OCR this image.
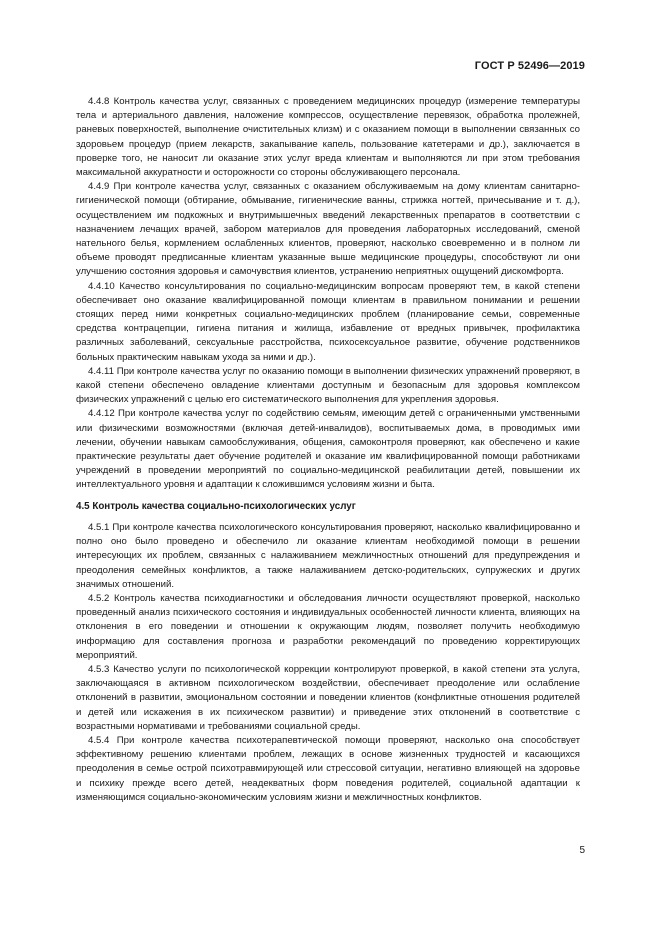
ГОСТ Р 52496—2019

4.4.8 Контроль качества услуг, связанных с проведением медицинских процедур (измерение температуры тела и артериального давления, наложение компрессов, осуществление перевязок, обработка пролежней, раневых поверхностей, выполнение очистительных клизм) и с оказанием помощи в выполнении связанных со здоровьем процедур (прием лекарств, закапывание капель, пользование катетерами и др.), заключается в проверке того, не наносит ли оказание этих услуг вреда клиентам и выполняются ли при этом требования максимальной аккуратности и осторожности со стороны обслуживающего персонала.

4.4.9 При контроле качества услуг, связанных с оказанием обслуживаемым на дому клиентам санитарно-гигиенической помощи (обтирание, обмывание, гигиенические ванны, стрижка ногтей, причесывание и т. д.), осуществлением им подкожных и внутримышечных введений лекарственных препаратов в соответствии с назначением лечащих врачей, забором материалов для проведения лабораторных исследований, сменой нательного белья, кормлением ослабленных клиентов, проверяют, насколько своевременно и в полном ли объеме проводят предписанные клиентам указанные выше медицинские процедуры, способствуют ли они улучшению состояния здоровья и самочувствия клиентов, устранению неприятных ощущений дискомфорта.

4.4.10 Качество консультирования по социально-медицинским вопросам проверяют тем, в какой степени обеспечивает оно оказание квалифицированной помощи клиентам в правильном понимании и решении стоящих перед ними конкретных социально-медицинских проблем (планирование семьи, современные средства контрацепции, гигиена питания и жилища, избавление от вредных привычек, профилактика различных заболеваний, сексуальные расстройства, психосексуальное развитие, обучение родственников больных практическим навыкам ухода за ними и др.).

4.4.11 При контроле качества услуг по оказанию помощи в выполнении физических упражнений проверяют, в какой степени обеспечено овладение клиентами доступным и безопасным для здоровья комплексом физических упражнений с целью его систематического выполнения для укрепления здоровья.

4.4.12 При контроле качества услуг по содействию семьям, имеющим детей с ограниченными умственными или физическими возможностями (включая детей-инвалидов), воспитываемых дома, в проводимых ими лечении, обучении навыкам самообслуживания, общения, самоконтроля проверяют, как обеспечено и какие практические результаты дает обучение родителей и оказание им квалифицированной помощи работниками учреждений в проведении мероприятий по социально-медицинской реабилитации детей, повышении их интеллектуального уровня и адаптации к сложившимся условиям жизни и быта.

4.5 Контроль качества социально-психологических услуг

4.5.1 При контроле качества психологического консультирования проверяют, насколько квалифицированно и полно оно было проведено и обеспечило ли оказание клиентам необходимой помощи в решении интересующих их проблем, связанных с налаживанием межличностных отношений для предупреждения и преодоления семейных конфликтов, а также налаживанием детско-родительских, супружеских и других значимых отношений.

4.5.2 Контроль качества психодиагностики и обследования личности осуществляют проверкой, насколько проведенный анализ психического состояния и индивидуальных особенностей личности клиента, влияющих на отклонения в его поведении и отношении к окружающим людям, позволяет получить необходимую информацию для составления прогноза и разработки рекомендаций по проведению корректирующих мероприятий.

4.5.3 Качество услуги по психологической коррекции контролируют проверкой, в какой степени эта услуга, заключающаяся в активном психологическом воздействии, обеспечивает преодоление или ослабление отклонений в развитии, эмоциональном состоянии и поведении клиентов (конфликтные отношения родителей и детей или искажения в их психическом развитии) и приведение этих отклонений в соответствие с возрастными нормативами и требованиями социальной среды.

4.5.4 При контроле качества психотерапевтической помощи проверяют, насколько она способствует эффективному решению клиентами проблем, лежащих в основе жизненных трудностей и касающихся преодоления в семье острой психотравмирующей или стрессовой ситуации, негативно влияющей на здоровье и психику прежде всего детей, неадекватных форм поведения родителей, социальной адаптации к изменяющимся социально-экономическим условиям жизни и межличностных конфликтов.

5
